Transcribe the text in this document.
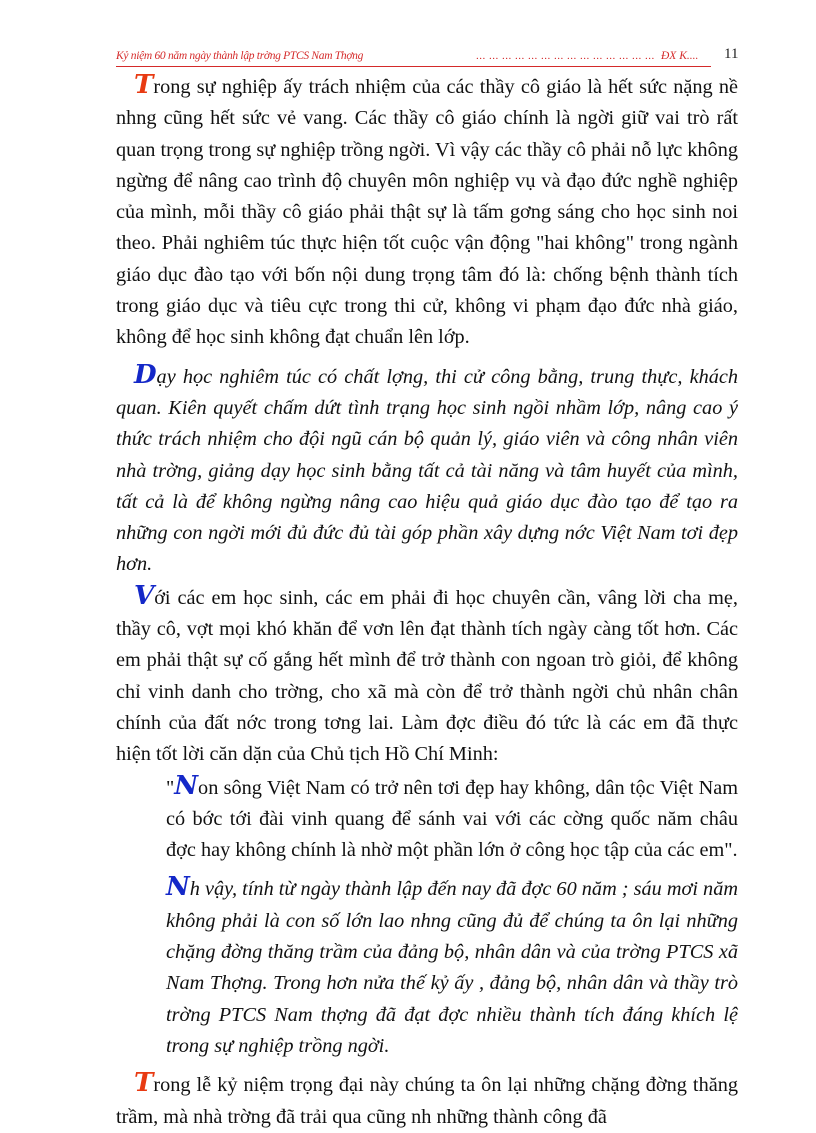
Kỷ niệm 60 năm ngày thành lập trờng PTCS Nam Thợng	... ... ... ... ... ... ... ... ... ... ... ... ... ... ĐX K.... 11

Trong sự nghiệp ấy trách nhiệm của các thầy cô giáo là hết sức nặng nề nhng cũng hết sức vẻ vang. Các thầy cô giáo chính là ngời giữ vai trò rất quan trọng trong sự nghiệp trồng ngời. Vì vậy các thầy cô phải nỗ lực không ngừng để nâng cao trình độ chuyên môn nghiệp vụ và đạo đức nghề nghiệp của mình, mỗi thầy cô giáo phải thật sự là tấm gơng sáng cho học sinh noi theo. Phải nghiêm túc thực hiện tốt cuộc vận động "hai không" trong ngành giáo dục đào tạo với bốn nội dung trọng tâm đó là: chống bệnh thành tích trong giáo dục và tiêu cực trong thi cử, không vi phạm đạo đức nhà giáo, không để học sinh không đạt chuẩn lên lớp.

Dạy học nghiêm túc có chất lợng, thi cử công bằng, trung thực, khách quan. Kiên quyết chấm dứt tình trạng học sinh ngồi nhầm lớp, nâng cao ý thức trách nhiệm cho đội ngũ cán bộ quản lý, giáo viên và công nhân viên nhà trờng, giảng dạy học sinh bằng tất cả tài năng và tâm huyết của mình, tất cả là để không ngừng nâng cao hiệu quả giáo dục đào tạo để tạo ra những con ngời mới đủ đức đủ tài góp phần xây dựng nớc Việt Nam tơi đẹp hơn.

Với các em học sinh, các em phải đi học chuyên cần, vâng lời cha mẹ, thầy cô, vợt mọi khó khăn để vơn lên đạt thành tích ngày càng tốt hơn. Các em phải thật sự cố gắng hết mình để trở thành con ngoan trò giỏi, để không chỉ vinh danh cho trờng, cho xã mà còn để trở thành ngời chủ nhân chân chính của đất nớc trong tơng lai. Làm đợc điều đó tức là các em đã thực hiện tốt lời căn dặn của Chủ tịch Hồ Chí Minh:

"Non sông Việt Nam có trở nên tơi đẹp hay không, dân tộc Việt Nam có bớc tới đài vinh quang để sánh vai với các cờng quốc năm châu đợc hay không chính là nhờ một phần lớn ở công học tập của các em".

Nh vậy, tính từ ngày thành lập đến nay đã đợc 60 năm ; sáu mơi năm không phải là con số lớn lao nhng cũng đủ để chúng ta ôn lại những chặng đờng thăng trầm của đảng bộ, nhân dân và của trờng PTCS xã Nam Thợng. Trong hơn nửa thế kỷ ấy , đảng bộ, nhân dân và thầy trò trờng PTCS Nam thợng đã đạt đợc nhiều thành tích đáng khích lệ trong sự nghiệp trồng ngời.

Trong lễ kỷ niệm trọng đại này chúng ta ôn lại những chặng đờng thăng trầm, mà nhà trờng đã trải qua cũng nh những thành công đã
